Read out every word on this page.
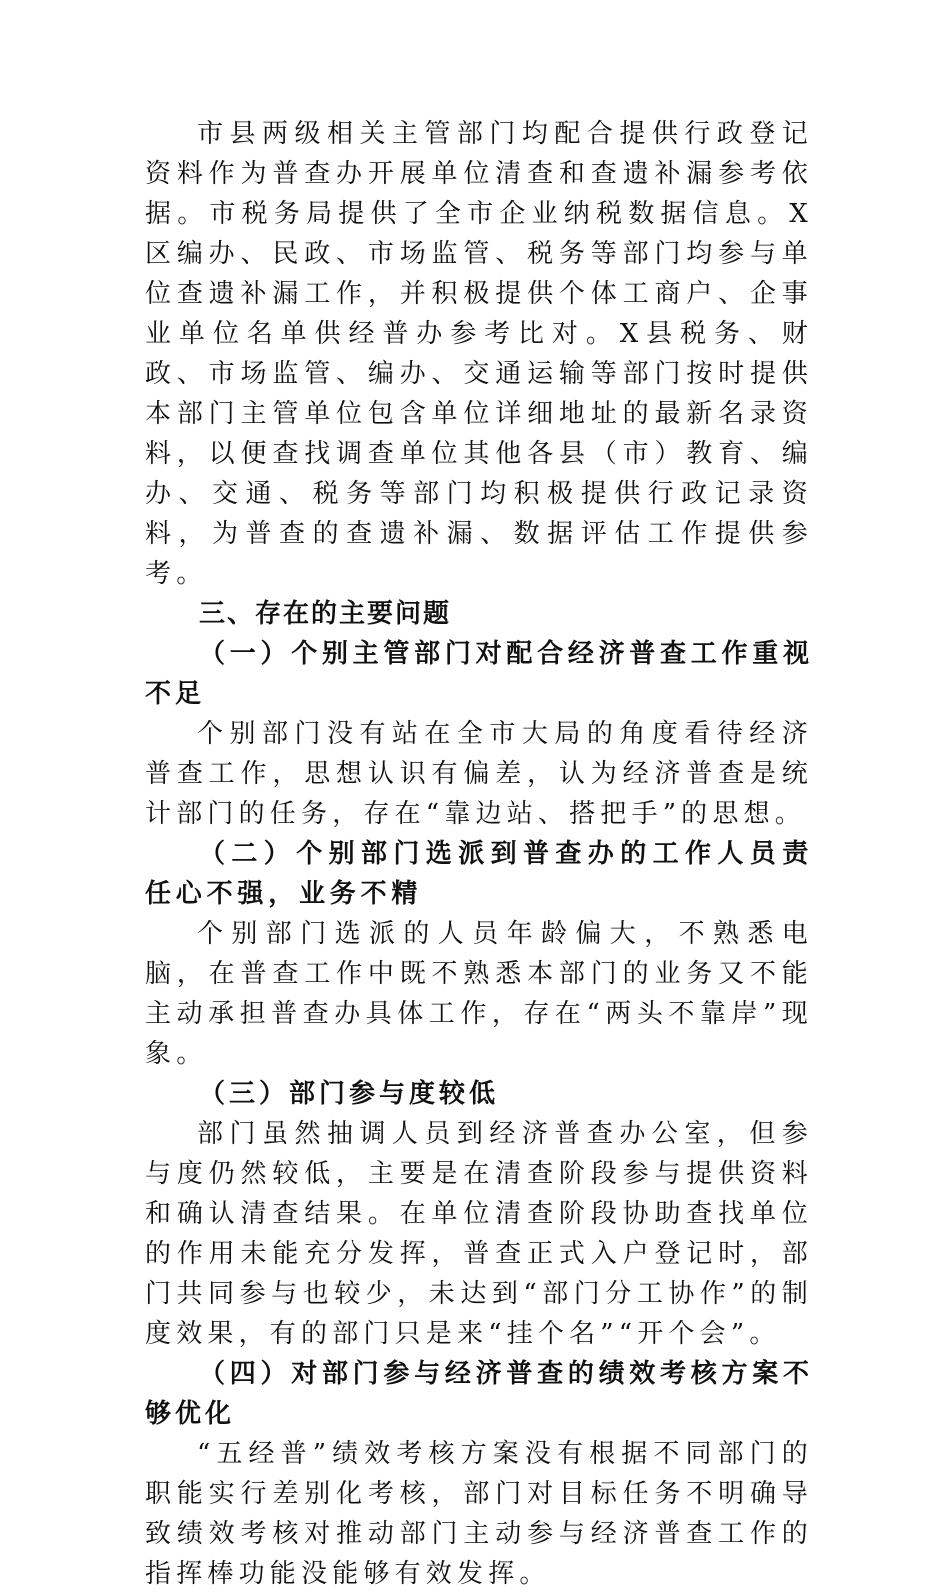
市县两级相关主管部门均配合提供行政登记资料作为普查办开展单位清查和查遗补漏参考依据。市税务局提供了全市企业纳税数据信息。X区编办、民政、市场监管、税务等部门均参与单位查遗补漏工作，并积极提供个体工商户、企事业单位名单供经普办参考比对。X县税务、财政、市场监管、编办、交通运输等部门按时提供本部门主管单位包含单位详细地址的最新名录资料，以便查找调查单位其他各县（市）教育、编办、交通、税务等部门均积极提供行政记录资料，为普查的查遗补漏、数据评估工作提供参考。

三、存在的主要问题

（一）个别主管部门对配合经济普查工作重视不足

个别部门没有站在全市大局的角度看待经济普查工作，思想认识有偏差，认为经济普查是统计部门的任务，存在“靠边站、搭把手”的思想。

（二）个别部门选派到普查办的工作人员责任心不强，业务不精

个别部门选派的人员年龄偏大，不熟悉电脑，在普查工作中既不熟悉本部门的业务又不能主动承担普查办具体工作，存在“两头不靠岸”现象。

（三）部门参与度较低

部门虽然抽调人员到经济普查办公室，但参与度仍然较低，主要是在清查阶段参与提供资料和确认清查结果。在单位清查阶段协助查找单位的作用未能充分发挥，普查正式入户登记时，部门共同参与也较少，未达到“部门分工协作”的制度效果，有的部门只是来“挂个名”“开个会”。

（四）对部门参与经济普查的绩效考核方案不够优化

“五经普”绩效考核方案没有根据不同部门的职能实行差别化考核，部门对目标任务不明确导致绩效考核对推动部门主动参与经济普查工作的指挥棒功能没能够有效发挥。
